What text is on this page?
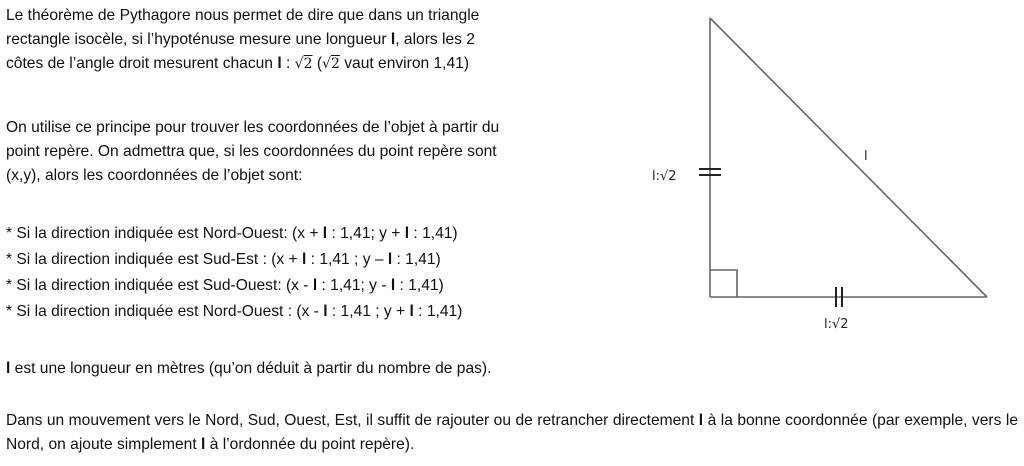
Le théorème de Pythagore nous permet de dire que dans un triangle

rectangle isocèle, si l’hypoténuse mesure une longueur l, alors les 2

côtes de l’angle droit mesurent chacun l : √2 (√2 vaut environ 1,41)

On utilise ce principe pour trouver les coordonnées de l’objet à partir du

point repère. On admettra que, si les coordonnées du point repère sont

(x,y), alors les coordonnées de l’objet sont:

* Si la direction indiquée est Nord-Ouest: (x + l : 1,41; y + l : 1,41)

* Si la direction indiquée est Sud-Est : (x + l : 1,41 ; y – l : 1,41)

* Si la direction indiquée est Sud-Ouest: (x - l : 1,41; y - l : 1,41)

* Si la direction indiquée est Nord-Ouest : (x - l : 1,41 ; y + l : 1,41)

l est une longueur en mètres (qu’on déduit à partir du nombre de pas).

Dans un mouvement vers le Nord, Sud, Ouest, Est, il suffit de rajouter ou de retrancher directement l à la bonne coordonnée (par exemple, vers le Nord, on ajoute simplement l à l’ordonnée du point repère).

l
l:√2
l:√2
